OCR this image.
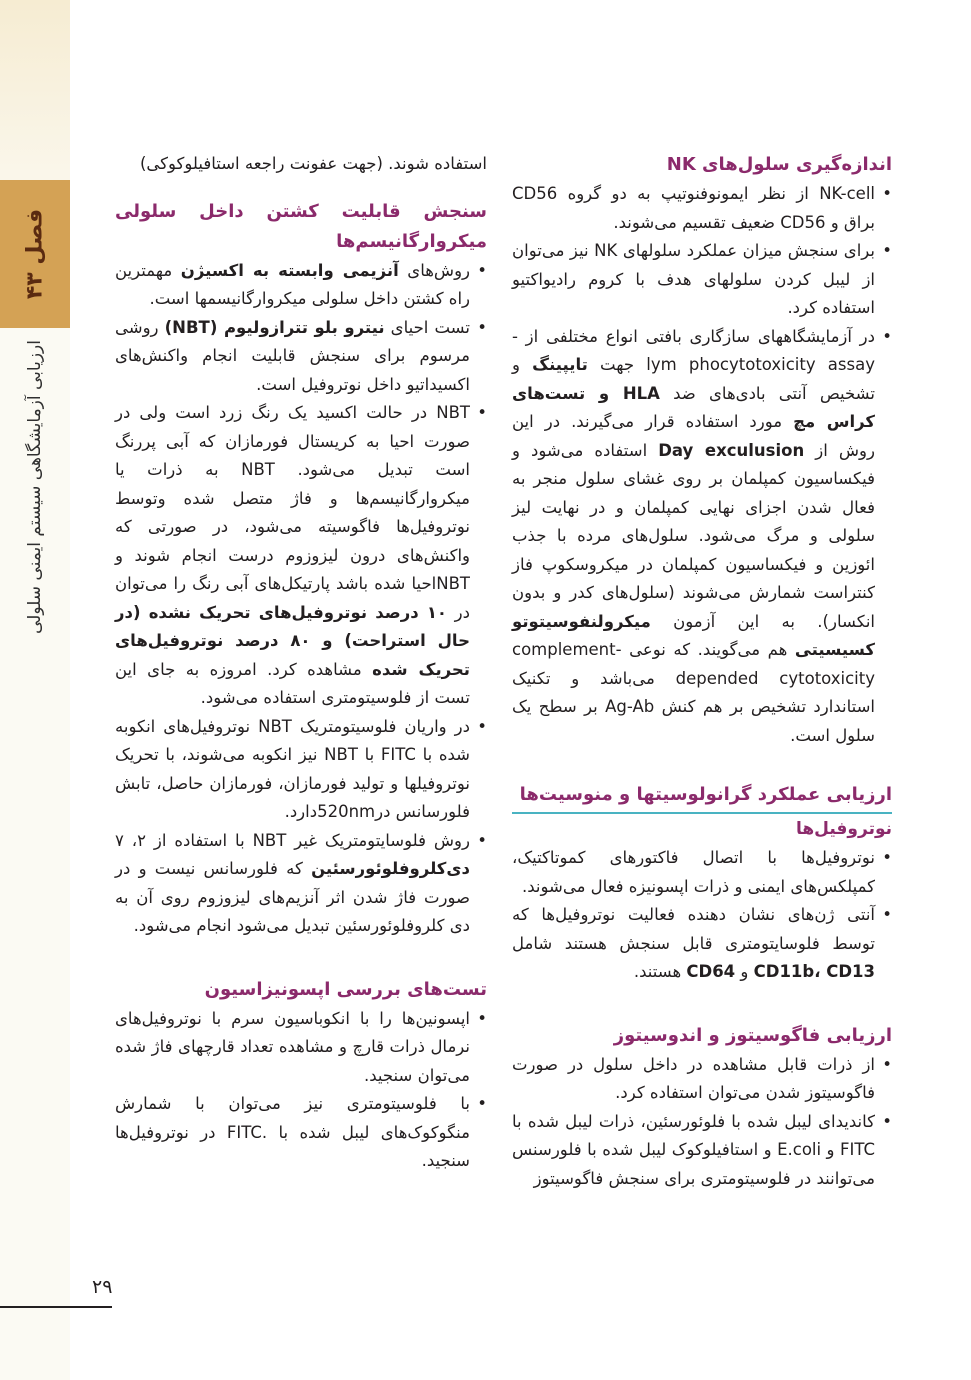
فصل ۴۳
ارزیابی آزمایشگاهی سیستم ایمنی سلولی
اندازه‌گیری سلول‌های NK
• NK-cell از نظر ایمونوفنوتیپ به دو گروه CD56 براق و CD56 ضعیف تقسیم می‌شوند.
• برای سنجش میزان عملکرد سلولهای NK نیز می‌توان از لیبل کردن سلولهای هدف با کروم رادیواکتیو استفاده کرد.
• در آزمایشگاههای سازگاری بافتی انواع مختلفی از -lym phocytotoxicity assay جهت تایپینگ و تشخیص آنتی بادی‌های ضد HLA و تست‌های کراس مچ مورد استفاده قرار می‌گیرند. در این روش از Day exculusion استفاده می‌شود و فیکساسیون کمپلمان بر روی غشای سلول منجر به فعال شدن اجزای نهایی کمپلمان و در نهایت لیز سلولی و مرگ می‌شود. سلول‌های مرده با جذب ائوزین و فیکساسیون کمپلمان در میکروسکوپ فاز کنتراست شمارش می‌شوند (سلول‌های کدر و بدون انکسار). به این آزمون میکرولنفوسیتوتو کسیسیتی هم می‌گویند. که نوعی complement-depended cytotoxicity می‌باشد و تکنیک استاندارد تشخیص بر هم کنش Ag-Ab بر سطح یک سلول است.
ارزیابی عملکرد گرانولوسیتها و منوسیت‌ها
نوتروفیل‌ها
• نوتروفیل‌ها با اتصال فاکتورهای کموتاکتیک، کمپلکس‌های ایمنی و ذرات اپسونیزه فعال می‌شوند.
• آنتی ژن‌های نشان دهنده فعالیت نوتروفیل‌ها که توسط فلوسایتومتری قابل سنجش هستند شامل CD11b، CD13 و CD64 هستند.
ارزیابی فاگوسیتوز و اندوسیتوز
• از ذرات قابل مشاهده در داخل سلول در صورت فاگوسیتوز شدن می‌توان استفاده کرد.
• کاندیدای لیبل شده با فلوئورسئین، ذرات لیبل شده با FITC و E.coli و استافیلوکوک لیبل شده با فلورسنس می‌توانند در فلوسیتومتری برای سنجش فاگوسیتوز

استفاده شوند. (جهت عفونت راجعه استافیلوکوکی)

سنجش قابلیت کشتن داخل سلولی میکروارگانیسم‌ها
• روش‌های آنزیمی وابسته به اکسیژن مهمترین راه کشتن داخل سلولی میکروارگانیسمها است.
• تست احیای نیترو بلو تترازولیوم (NBT) روشی مرسوم برای سنجش قابلیت انجام واکنش‌های اکسیداتیو داخل نوتروفیل است.
• NBT در حالت اکسید یک رنگ زرد است ولی در صورت احیا به کریستال فورمازان که آبی پررنگ است تبدیل می‌شود. NBT به ذرات یا میکروارگانیسم‌ها و فاژ متصل شده وتوسط نوتروفیل‌ها فاگوسیته می‌شود، در صورتی که واکنش‌های درون لیزوزوم درست انجام شوند و NBTاحیا شده باشد پارتیکل‌های آبی رنگ را می‌توان در ۱۰ درصد نوتروفیل‌های تحریک نشده (در حال استراحت) و ۸۰ درصد نوتروفیل‌های تحریک شده مشاهده کرد. امروزه به جای این تست از فلوسیتومتری استفاده می‌شود.
• در واریان فلوسیتومتریک NBT نوتروفیل‌های انکوبه شده با FITC با NBT نیز انکوبه می‌شوند، با تحریک نوتروفیلها و تولید فورمازان، فورمازان حاصل، تابش فلورسانس در520nmدارد.
• روش فلوسایتومتریک غیر NBT با استفاده از ۲، ۷ دی‌کلروفلوئورسئین که فلورسانس نیست و در صورت فاژ شدن اثر آنزیم‌های لیزوزوم روی آن به دی کلروفلوئورسئین تبدیل می‌شود انجام می‌شود.
تست‌های بررسی اپسونیزاسیون
• اپسونین‌ها را با انکوباسیون سرم با نوتروفیل‌های نرمال ذرات قارچ و مشاهده تعداد قارچهای فاژ شده می‌توان سنجید.
• با فلوسیتومتری نیز می‌توان با شمارش منگوکوک‌های لیبل شده با .FITC در نوتروفیل‌ها سنجید.
۲۹
